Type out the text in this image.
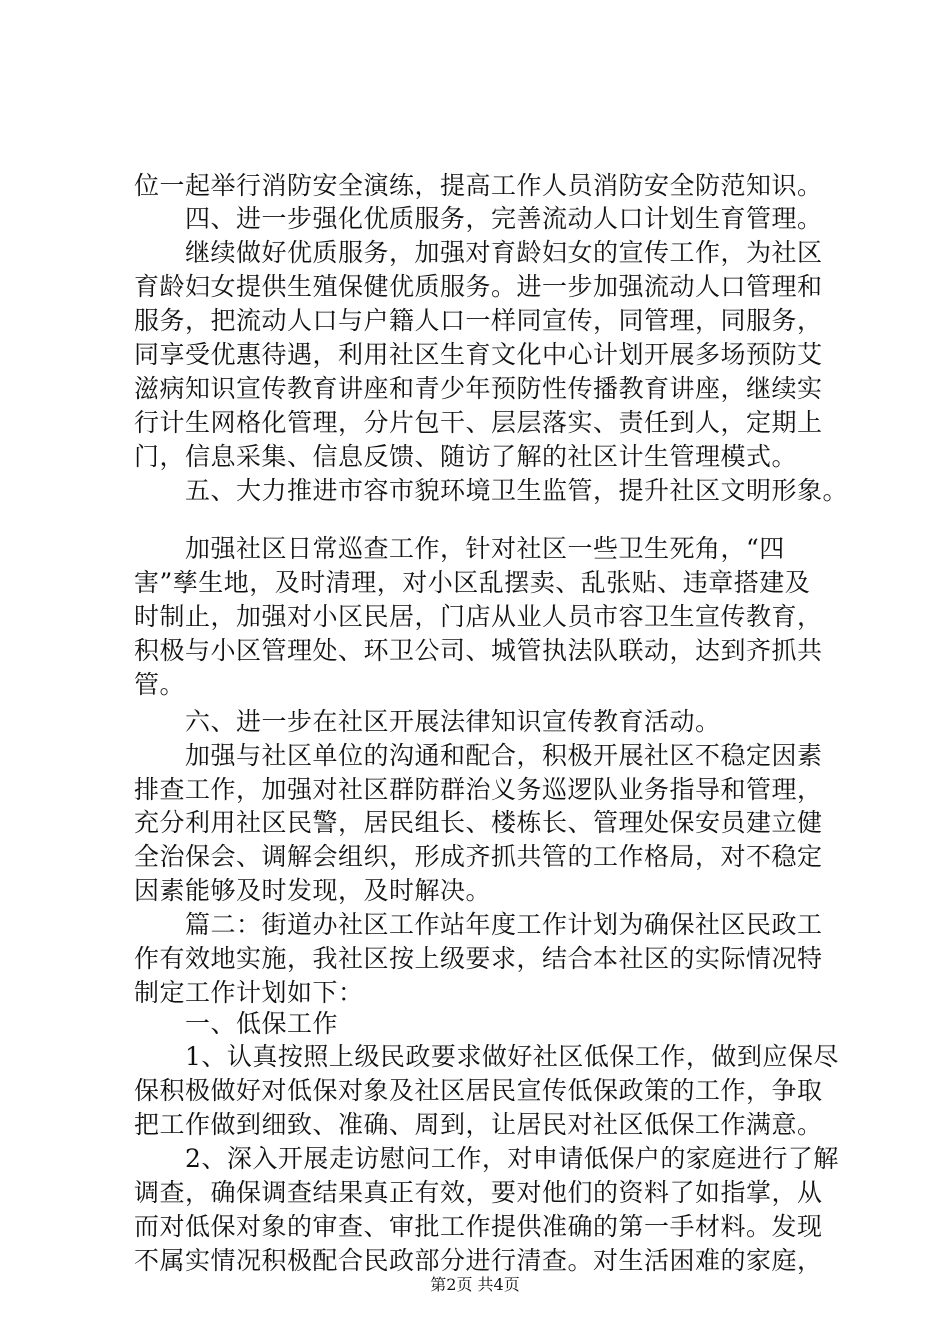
位一起举行消防安全演练，提高工作人员消防安全防范知识。

　　四、进一步强化优质服务，完善流动人口计划生育管理。

　　继续做好优质服务，加强对育龄妇女的宣传工作，为社区

育龄妇女提供生殖保健优质服务。进一步加强流动人口管理和

服务，把流动人口与户籍人口一样同宣传，同管理，同服务，

同享受优惠待遇，利用社区生育文化中心计划开展多场预防艾

滋病知识宣传教育讲座和青少年预防性传播教育讲座，继续实

行计生网格化管理，分片包干、层层落实、责任到人，定期上

门，信息采集、信息反馈、随访了解的社区计生管理模式。

　　五、大力推进市容市貌环境卫生监管，提升社区文明形象。

　　加强社区日常巡查工作，针对社区一些卫生死角，“四

害”孳生地，及时清理，对小区乱摆卖、乱张贴、违章搭建及

时制止，加强对小区民居，门店从业人员市容卫生宣传教育，

积极与小区管理处、环卫公司、城管执法队联动，达到齐抓共

管。

　　六、进一步在社区开展法律知识宣传教育活动。

　　加强与社区单位的沟通和配合，积极开展社区不稳定因素

排查工作，加强对社区群防群治义务巡逻队业务指导和管理，

充分利用社区民警，居民组长、楼栋长、管理处保安员建立健

全治保会、调解会组织，形成齐抓共管的工作格局，对不稳定

因素能够及时发现，及时解决。

　　篇二：街道办社区工作站年度工作计划为确保社区民政工

作有效地实施，我社区按上级要求，结合本社区的实际情况特

制定工作计划如下：

　　一、低保工作

　　1、认真按照上级民政要求做好社区低保工作，做到应保尽

保积极做好对低保对象及社区居民宣传低保政策的工作，争取

把工作做到细致、准确、周到，让居民对社区低保工作满意。

　　2、深入开展走访慰问工作，对申请低保户的家庭进行了解

调查，确保调查结果真正有效，要对他们的资料了如指掌，从

而对低保对象的审查、审批工作提供准确的第一手材料。发现

不属实情况积极配合民政部分进行清查。对生活困难的家庭，

第2页 共4页
